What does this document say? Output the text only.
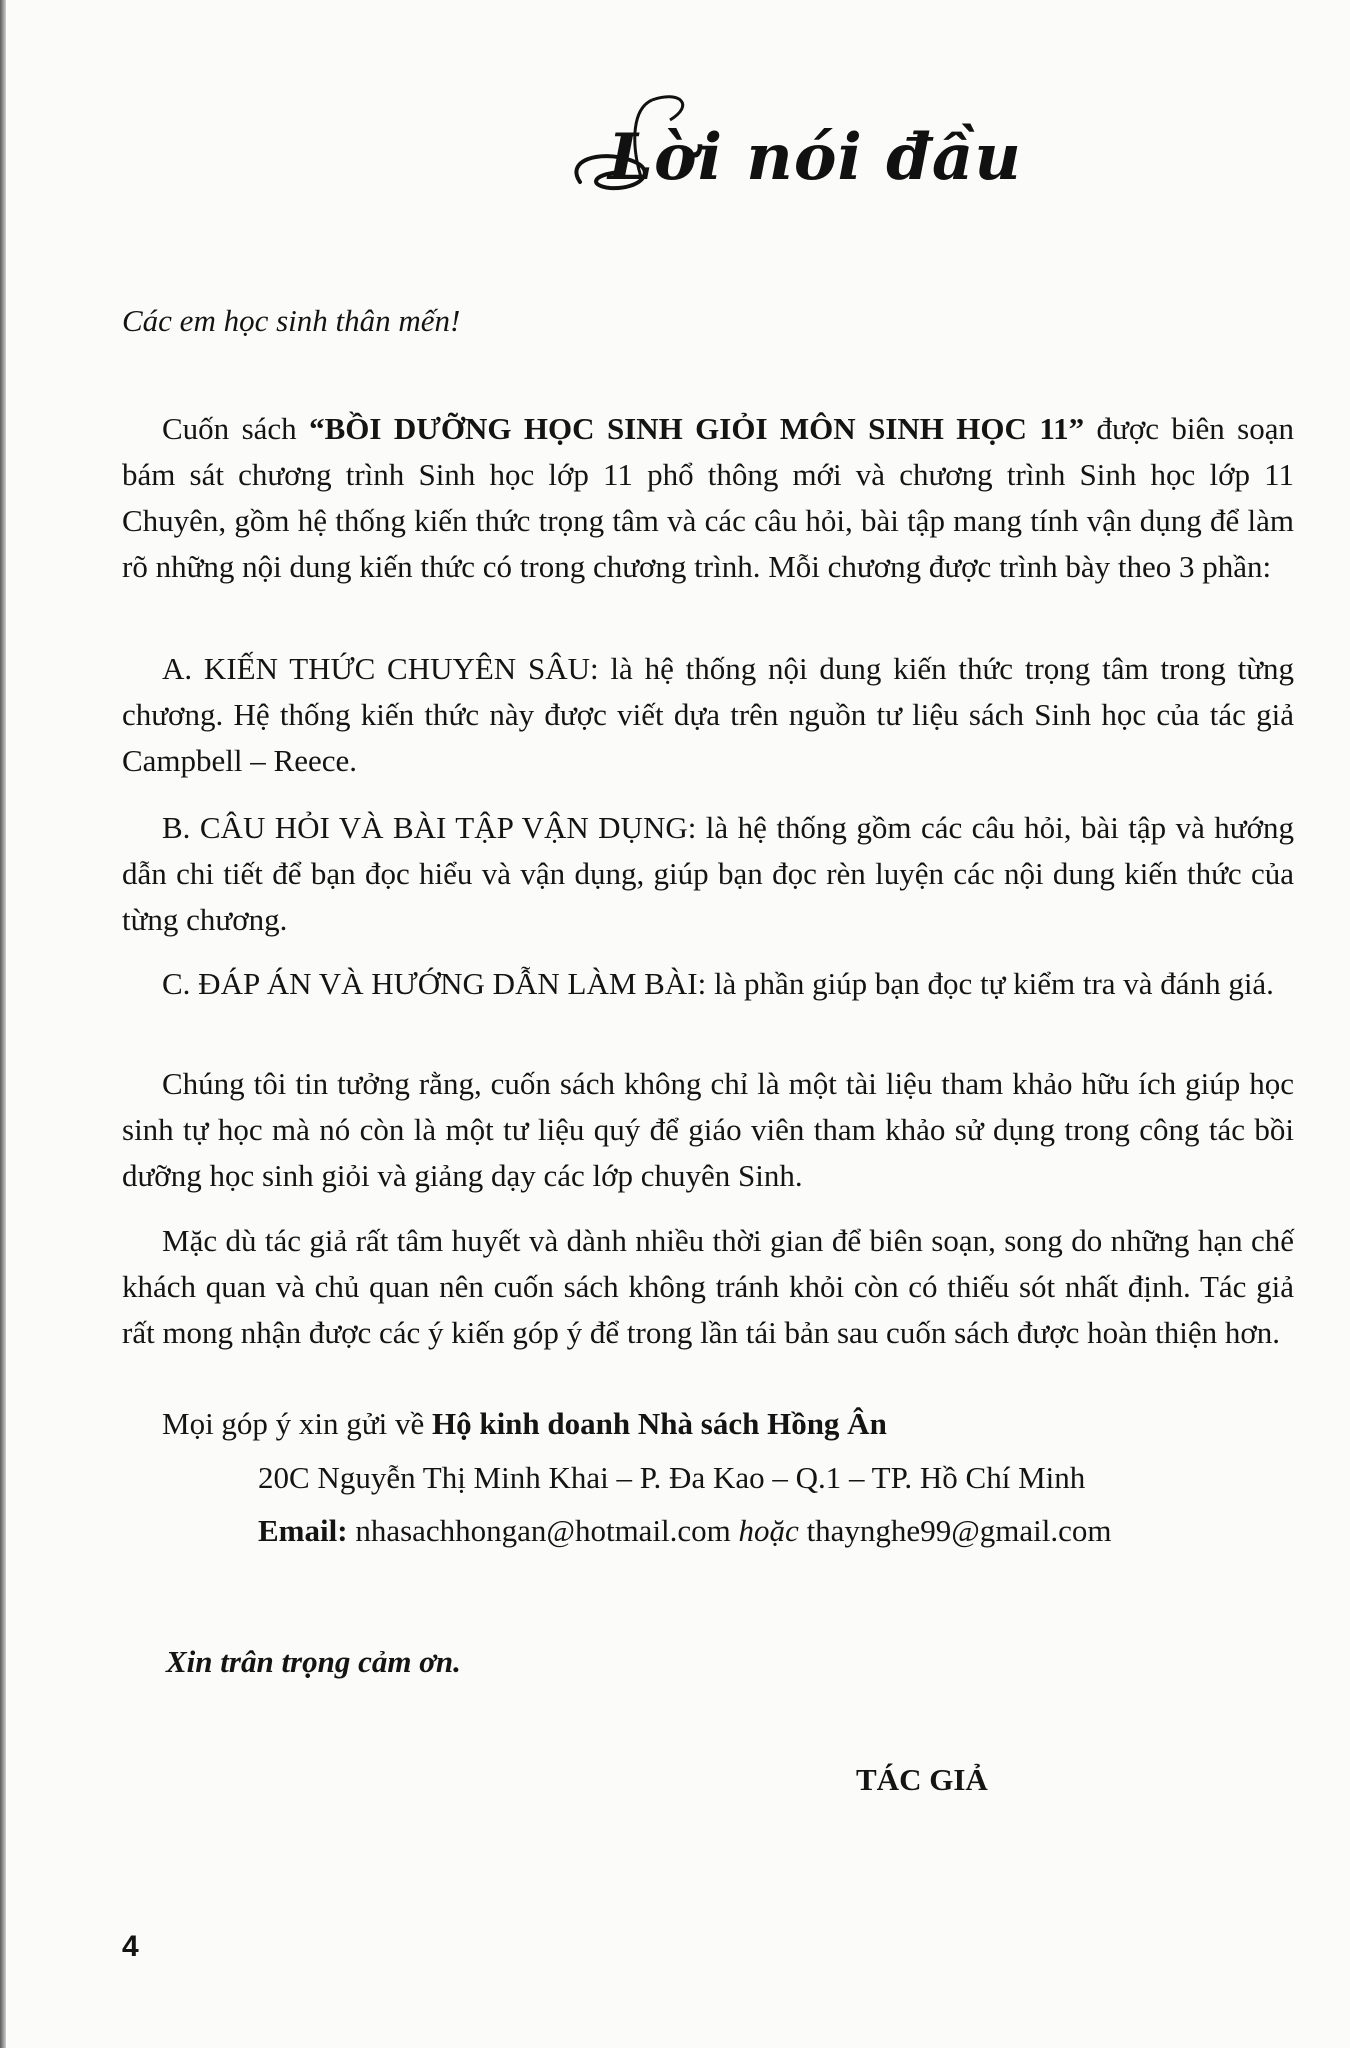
Lời nói đầu
Các em học sinh thân mến!
Cuốn sách “BỒI DƯỠNG HỌC SINH GIỎI MÔN SINH HỌC 11” được biên soạn bám sát chương trình Sinh học lớp 11 phổ thông mới và chương trình Sinh học lớp 11 Chuyên, gồm hệ thống kiến thức trọng tâm và các câu hỏi, bài tập mang tính vận dụng để làm rõ những nội dung kiến thức có trong chương trình. Mỗi chương được trình bày theo 3 phần:
A. KIẾN THỨC CHUYÊN SÂU: là hệ thống nội dung kiến thức trọng tâm trong từng chương. Hệ thống kiến thức này được viết dựa trên nguồn tư liệu sách Sinh học của tác giả Campbell – Reece.
B. CÂU HỎI VÀ BÀI TẬP VẬN DỤNG: là hệ thống gồm các câu hỏi, bài tập và hướng dẫn chi tiết để bạn đọc hiểu và vận dụng, giúp bạn đọc rèn luyện các nội dung kiến thức của từng chương.
C. ĐÁP ÁN VÀ HƯỚNG DẪN LÀM BÀI: là phần giúp bạn đọc tự kiểm tra và đánh giá.
Chúng tôi tin tưởng rằng, cuốn sách không chỉ là một tài liệu tham khảo hữu ích giúp học sinh tự học mà nó còn là một tư liệu quý để giáo viên tham khảo sử dụng trong công tác bồi dưỡng học sinh giỏi và giảng dạy các lớp chuyên Sinh.
Mặc dù tác giả rất tâm huyết và dành nhiều thời gian để biên soạn, song do những hạn chế khách quan và chủ quan nên cuốn sách không tránh khỏi còn có thiếu sót nhất định. Tác giả rất mong nhận được các ý kiến góp ý để trong lần tái bản sau cuốn sách được hoàn thiện hơn.
Mọi góp ý xin gửi về Hộ kinh doanh Nhà sách Hồng Ân
20C Nguyễn Thị Minh Khai – P. Đa Kao – Q.1 – TP. Hồ Chí Minh
Email: nhasachhongan@hotmail.com hoặc thaynghe99@gmail.com
Xin trân trọng cảm ơn.
TÁC GIẢ
4
